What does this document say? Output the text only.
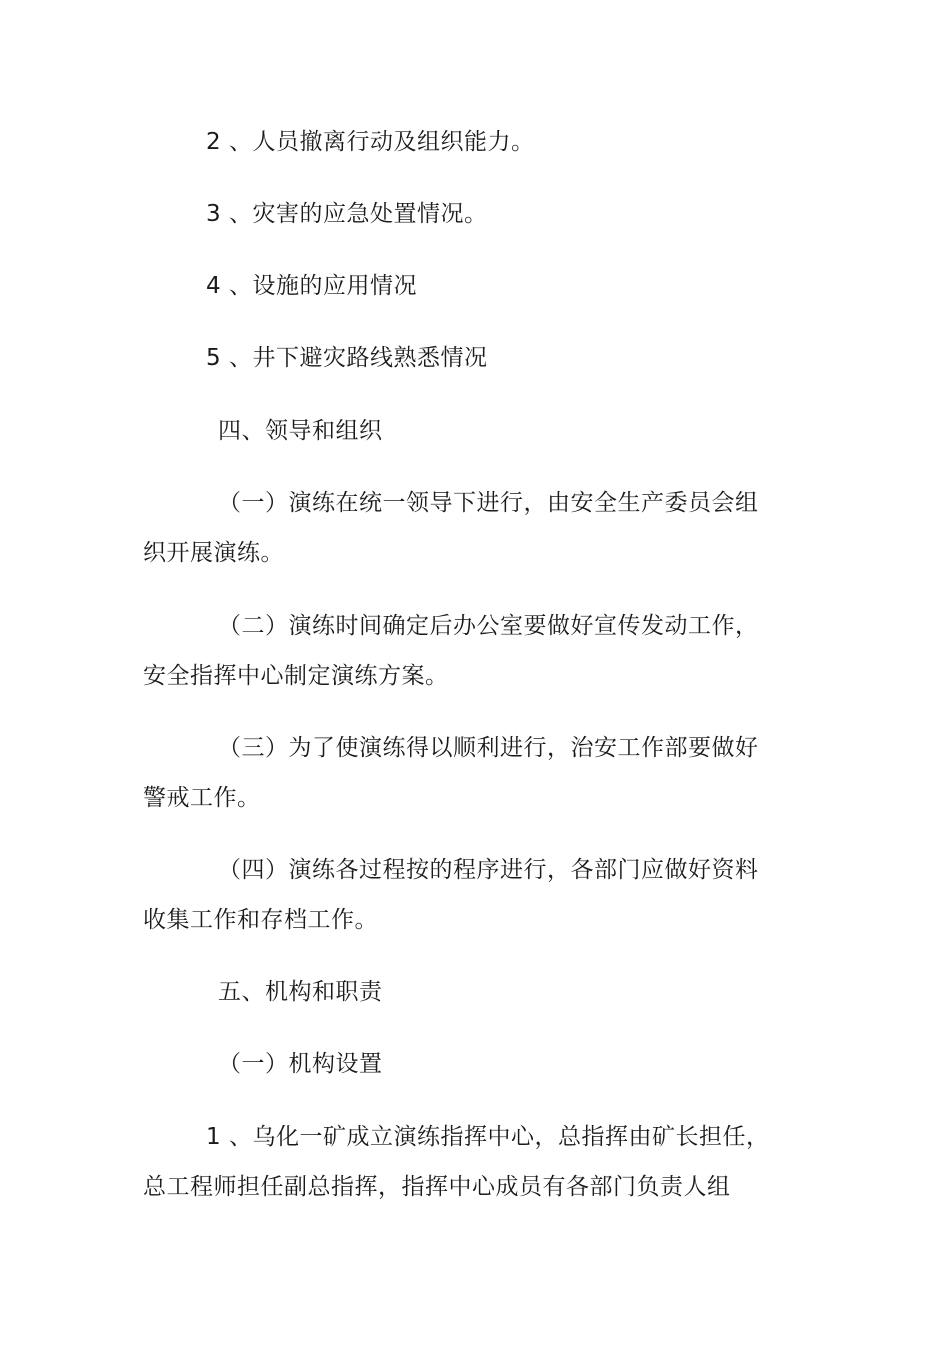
2 、人员撤离行动及组织能力。
3 、灾害的应急处置情况。
4 、设施的应用情况
5 、井下避灾路线熟悉情况
四、领导和组织
（一）演练在统一领导下进行，由安全生产委员会组
织开展演练。
（二）演练时间确定后办公室要做好宣传发动工作，
安全指挥中心制定演练方案。
（三）为了使演练得以顺利进行，治安工作部要做好
警戒工作。
（四）演练各过程按的程序进行，各部门应做好资料
收集工作和存档工作。
五、机构和职责
（一）机构设置
1 、乌化一矿成立演练指挥中心，总指挥由矿长担任，
总工程师担任副总指挥，指挥中心成员有各部门负责人组
